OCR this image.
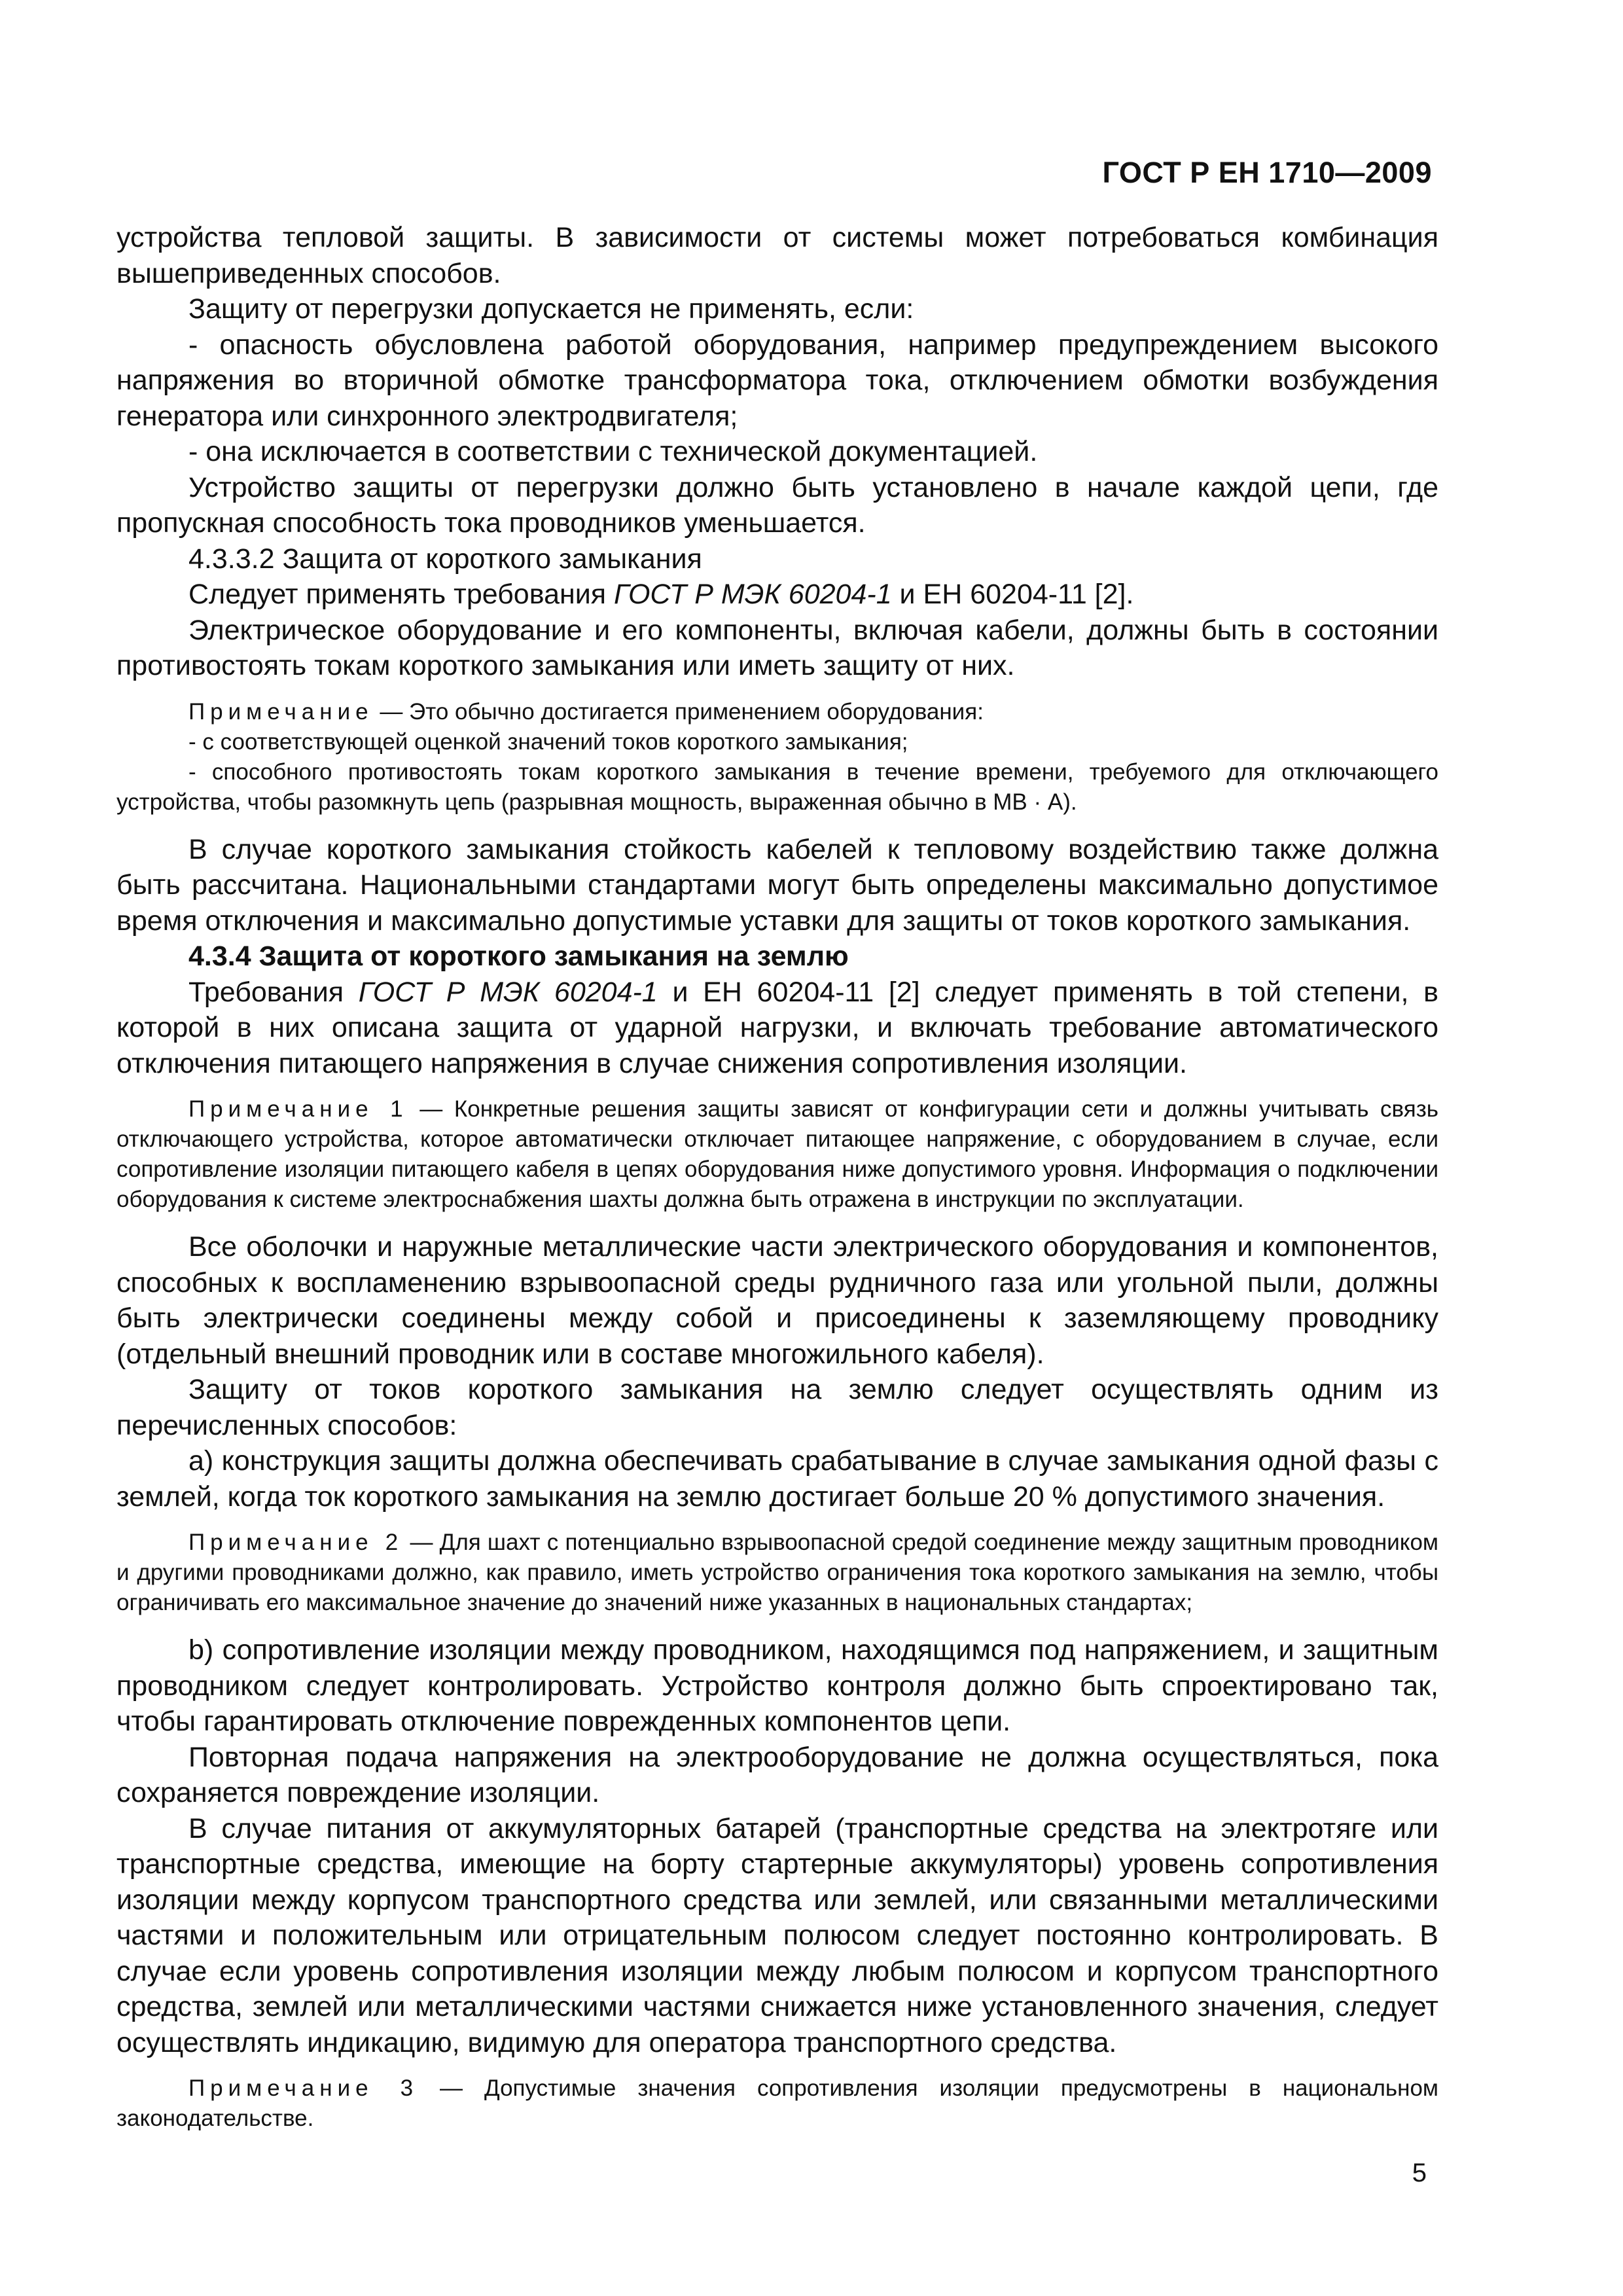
ГОСТ Р ЕН 1710—2009

устройства тепловой защиты. В зависимости от системы может потребоваться комбинация вышеприведенных способов.

Защиту от перегрузки допускается не применять, если:

- опасность обусловлена работой оборудования, например предупреждением высокого напряжения во вторичной обмотке трансформатора тока, отключением обмотки возбуждения генератора или синхронного электродвигателя;

- она исключается в соответствии с технической документацией.

Устройство защиты от перегрузки должно быть установлено в начале каждой цепи, где пропускная способность тока проводников уменьшается.

4.3.3.2 Защита от короткого замыкания

Следует применять требования ГОСТ Р МЭК 60204-1 и ЕН 60204-11 [2].

Электрическое оборудование и его компоненты, включая кабели, должны быть в состоянии противостоять токам короткого замыкания или иметь защиту от них.

Примечание — Это обычно достигается применением оборудования:

- с соответствующей оценкой значений токов короткого замыкания;

- способного противостоять токам короткого замыкания в течение времени, требуемого для отключающего устройства, чтобы разомкнуть цепь (разрывная мощность, выраженная обычно в МВ · А).

В случае короткого замыкания стойкость кабелей к тепловому воздействию также должна быть рассчитана. Национальными стандартами могут быть определены максимально допустимое время отключения и максимально допустимые уставки для защиты от токов короткого замыкания.

4.3.4 Защита от короткого замыкания на землю

Требования ГОСТ Р МЭК 60204-1 и ЕН 60204-11 [2] следует применять в той степени, в которой в них описана защита от ударной нагрузки, и включать требование автоматического отключения питающего напряжения в случае снижения сопротивления изоляции.

Примечание 1 — Конкретные решения защиты зависят от конфигурации сети и должны учитывать связь отключающего устройства, которое автоматически отключает питающее напряжение, с оборудованием в случае, если сопротивление изоляции питающего кабеля в цепях оборудования ниже допустимого уровня. Информация о подключении оборудования к системе электроснабжения шахты должна быть отражена в инструкции по эксплуатации.

Все оболочки и наружные металлические части электрического оборудования и компонентов, способных к воспламенению взрывоопасной среды рудничного газа или угольной пыли, должны быть электрически соединены между собой и присоединены к заземляющему проводнику (отдельный внешний проводник или в составе многожильного кабеля).

Защиту от токов короткого замыкания на землю следует осуществлять одним из перечисленных способов:

а) конструкция защиты должна обеспечивать срабатывание в случае замыкания одной фазы с землей, когда ток короткого замыкания на землю достигает больше 20 % допустимого значения.

Примечание 2 — Для шахт с потенциально взрывоопасной средой соединение между защитным проводником и другими проводниками должно, как правило, иметь устройство ограничения тока короткого замыкания на землю, чтобы ограничивать его максимальное значение до значений ниже указанных в национальных стандартах;

b) сопротивление изоляции между проводником, находящимся под напряжением, и защитным проводником следует контролировать. Устройство контроля должно быть спроектировано так, чтобы гарантировать отключение поврежденных компонентов цепи.

Повторная подача напряжения на электрооборудование не должна осуществляться, пока сохраняется повреждение изоляции.

В случае питания от аккумуляторных батарей (транспортные средства на электротяге или транспортные средства, имеющие на борту стартерные аккумуляторы) уровень сопротивления изоляции между корпусом транспортного средства или землей, или связанными металлическими частями и положительным или отрицательным полюсом следует постоянно контролировать. В случае если уровень сопротивления изоляции между любым полюсом и корпусом транспортного средства, землей или металлическими частями снижается ниже установленного значения, следует осуществлять индикацию, видимую для оператора транспортного средства.

Примечание 3 — Допустимые значения сопротивления изоляции предусмотрены в национальном законодательстве.

5
